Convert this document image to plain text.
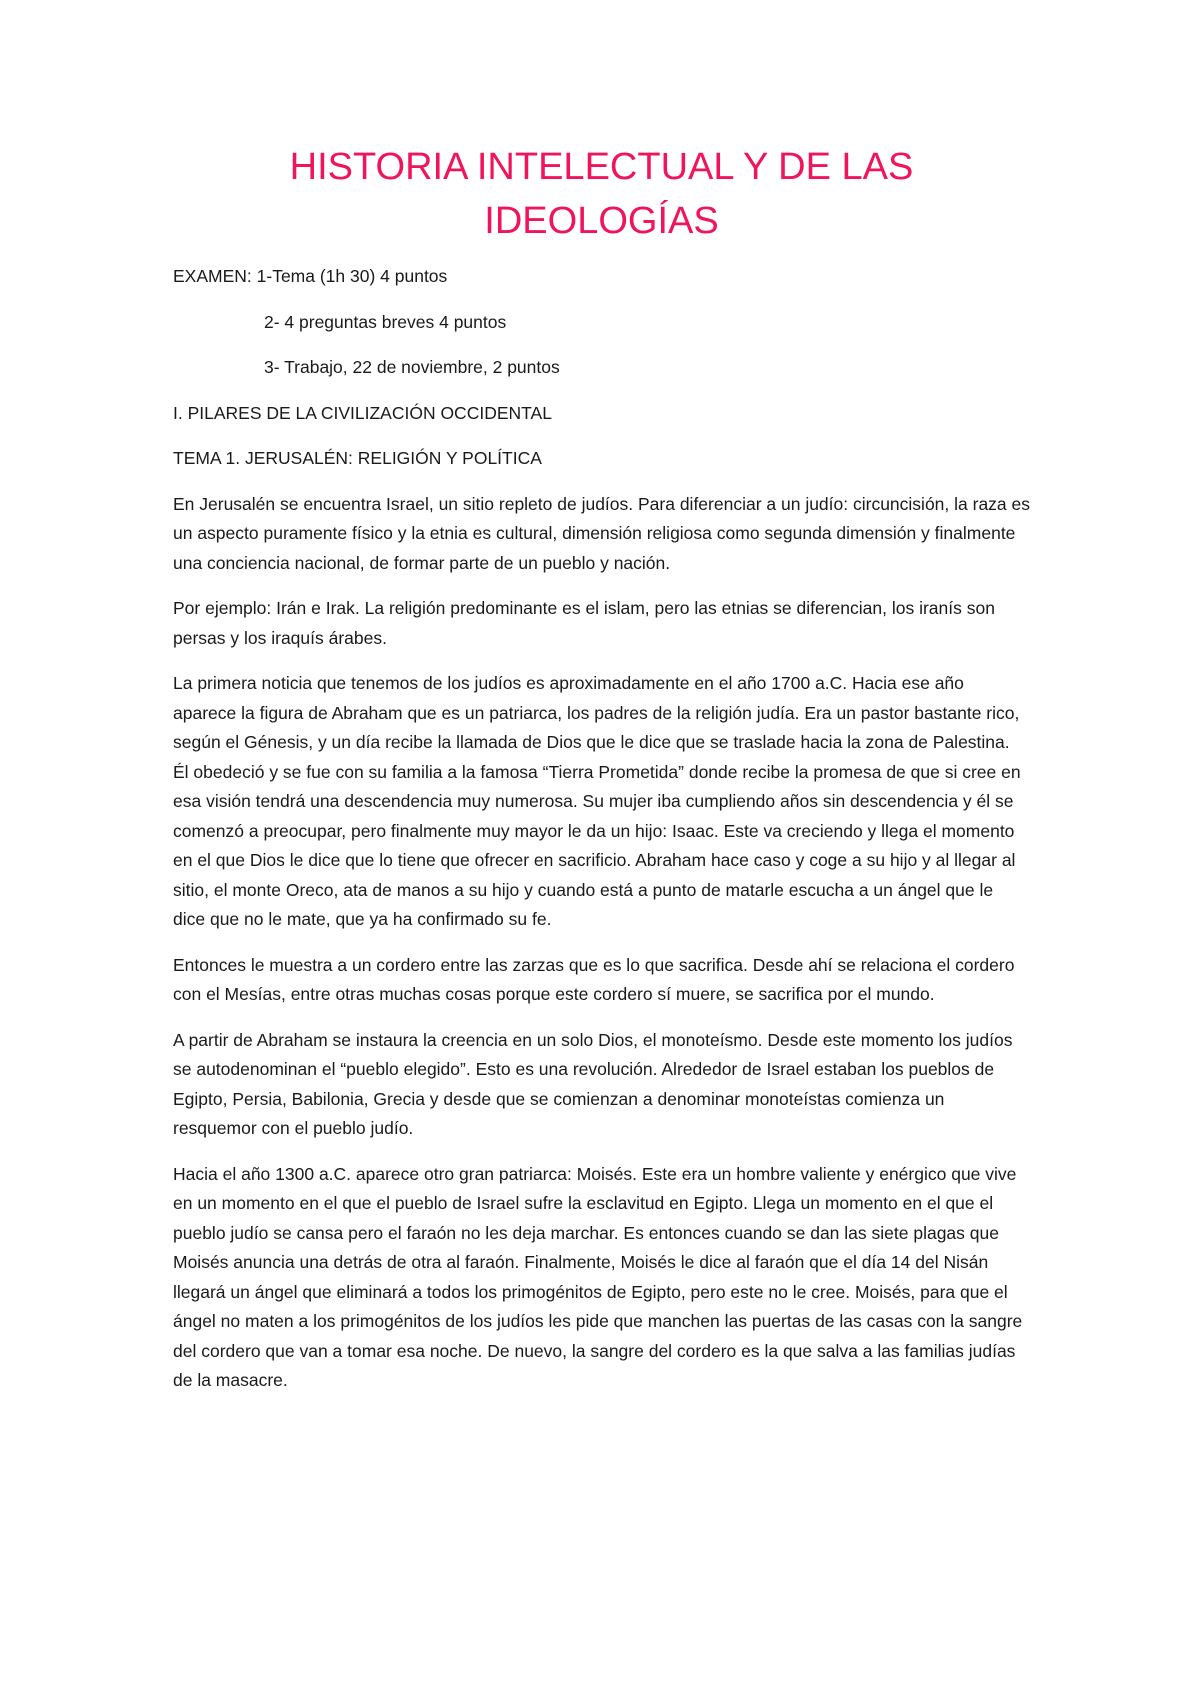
HISTORIA INTELECTUAL Y DE LAS
IDEOLOGÍAS
EXAMEN: 1-Tema (1h 30) 4 puntos
2- 4 preguntas breves 4 puntos
3- Trabajo, 22 de noviembre, 2 puntos
I. PILARES DE LA CIVILIZACIÓN OCCIDENTAL
TEMA 1. JERUSALÉN: RELIGIÓN Y POLÍTICA

En Jerusalén se encuentra Israel, un sitio repleto de judíos. Para diferenciar a un judío: circuncisión, la raza es un aspecto puramente físico y la etnia es cultural, dimensión religiosa como segunda dimensión y finalmente una conciencia nacional, de formar parte de un pueblo y nación.

Por ejemplo: Irán e Irak. La religión predominante es el islam, pero las etnias se diferencian, los iranís son persas y los iraquís árabes.

La primera noticia que tenemos de los judíos es aproximadamente en el año 1700 a.C. Hacia ese año aparece la figura de Abraham que es un patriarca, los padres de la religión judía. Era un pastor bastante rico, según el Génesis, y un día recibe la llamada de Dios que le dice que se traslade hacia la zona de Palestina. Él obedeció y se fue con su familia a la famosa “Tierra Prometida” donde recibe la promesa de que si cree en esa visión tendrá una descendencia muy numerosa. Su mujer iba cumpliendo años sin descendencia y él se comenzó a preocupar, pero finalmente muy mayor le da un hijo: Isaac. Este va creciendo y llega el momento en el que Dios le dice que lo tiene que ofrecer en sacrificio. Abraham hace caso y coge a su hijo y al llegar al sitio, el monte Oreco, ata de manos a su hijo y cuando está a punto de matarle escucha a un ángel que le dice que no le mate, que ya ha confirmado su fe.

Entonces le muestra a un cordero entre las zarzas que es lo que sacrifica. Desde ahí se relaciona el cordero con el Mesías, entre otras muchas cosas porque este cordero sí muere, se sacrifica por el mundo.

A partir de Abraham se instaura la creencia en un solo Dios, el monoteísmo. Desde este momento los judíos se autodenominan el “pueblo elegido”. Esto es una revolución. Alrededor de Israel estaban los pueblos de Egipto, Persia, Babilonia, Grecia y desde que se comienzan a denominar monoteístas comienza un resquemor con el pueblo judío.

Hacia el año 1300 a.C. aparece otro gran patriarca: Moisés. Este era un hombre valiente y enérgico que vive en un momento en el que el pueblo de Israel sufre la esclavitud en Egipto. Llega un momento en el que el pueblo judío se cansa pero el faraón no les deja marchar. Es entonces cuando se dan las siete plagas que Moisés anuncia una detrás de otra al faraón. Finalmente, Moisés le dice al faraón que el día 14 del Nisán llegará un ángel que eliminará a todos los primogénitos de Egipto, pero este no le cree. Moisés, para que el ángel no maten a los primogénitos de los judíos les pide que manchen las puertas de las casas con la sangre del cordero que van a tomar esa noche. De nuevo, la sangre del cordero es la que salva a las familias judías de la masacre.
